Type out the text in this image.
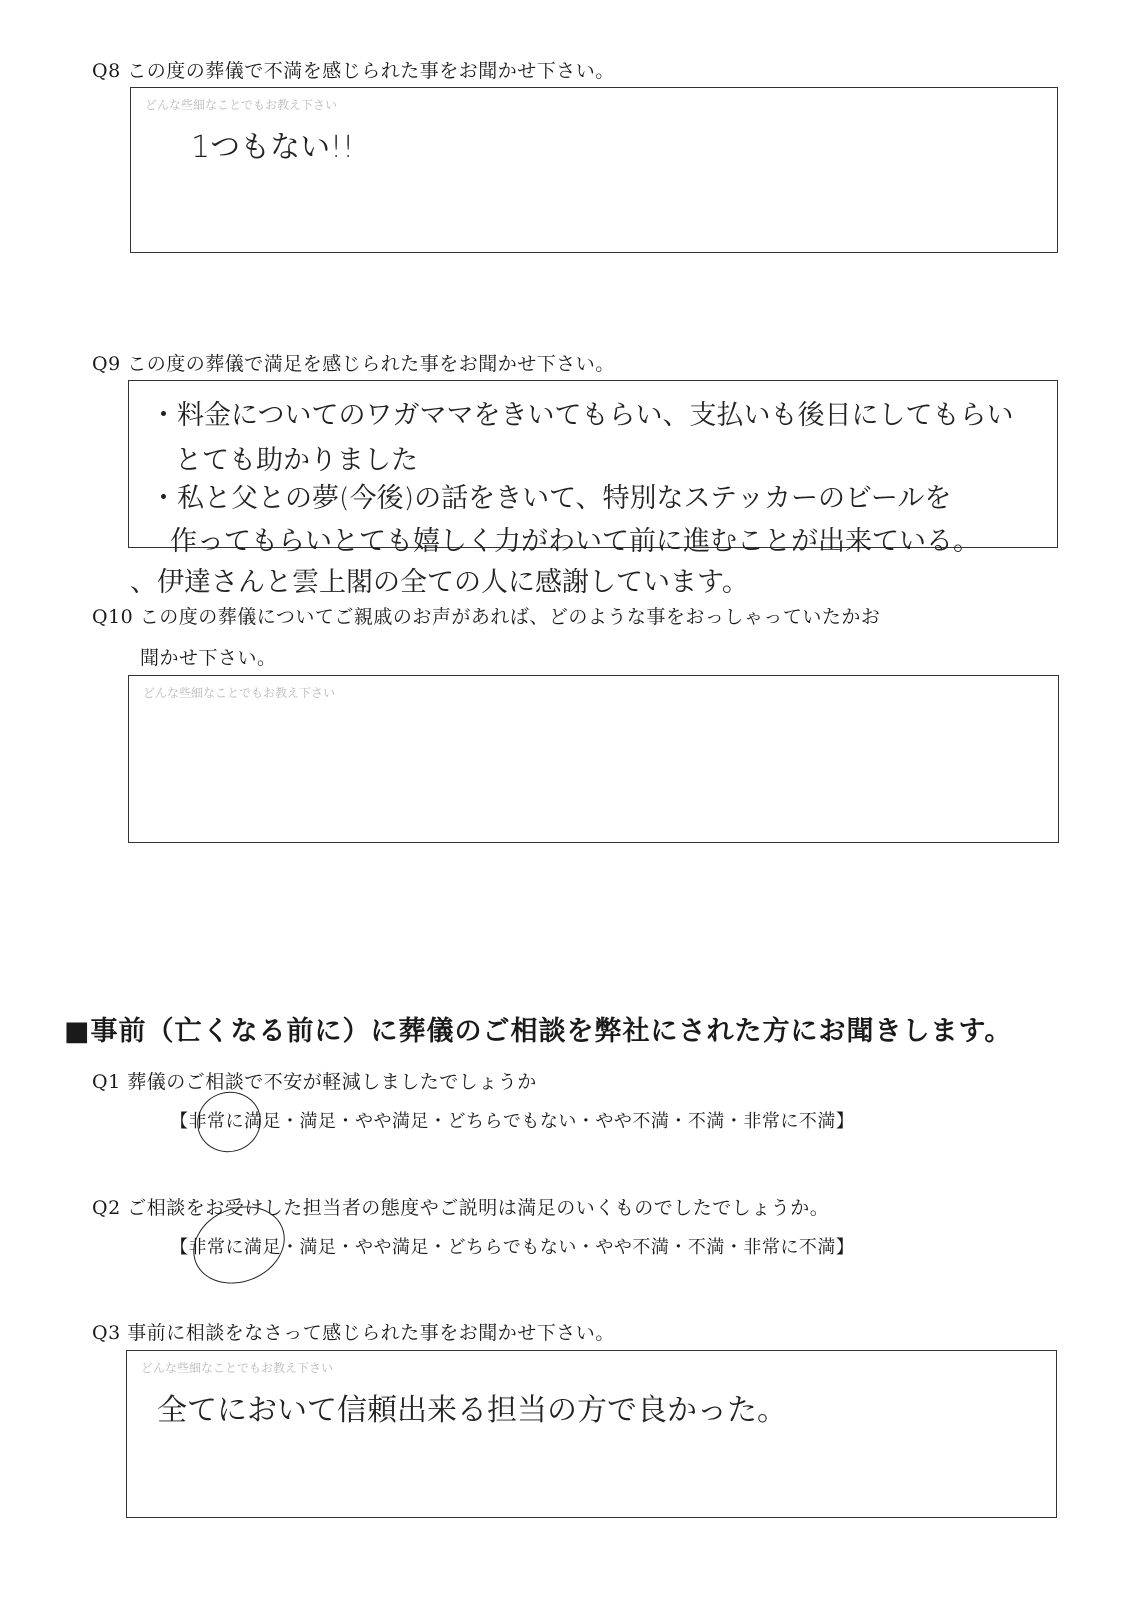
Q8 この度の葬儀で不満を感じられた事をお聞かせ下さい。
どんな些細なことでもお教え下さい
1つもない!!
Q9 この度の葬儀で満足を感じられた事をお聞かせ下さい。
・料金についてのワガママをきいてもらい、支払いも後日にしてもらい
とても助かりました
・私と父との夢(今後)の話をきいて、特別なステッカーのビールを
作ってもらいとても嬉しく力がわいて前に進むことが出来ている。
、伊達さんと雲上閣の全ての人に感謝しています。
Q10 この度の葬儀についてご親戚のお声があれば、どのような事をおっしゃっていたかお
聞かせ下さい。
どんな些細なことでもお教え下さい
■事前（亡くなる前に）に葬儀のご相談を弊社にされた方にお聞きします。
Q1 葬儀のご相談で不安が軽減しましたでしょうか
【非常に満足・満足・やや満足・どちらでもない・やや不満・不満・非常に不満】
Q2 ご相談をお受けした担当者の態度やご説明は満足のいくものでしたでしょうか。
【非常に満足・満足・やや満足・どちらでもない・やや不満・不満・非常に不満】
Q3 事前に相談をなさって感じられた事をお聞かせ下さい。
どんな些細なことでもお教え下さい
全てにおいて信頼出来る担当の方で良かった。
